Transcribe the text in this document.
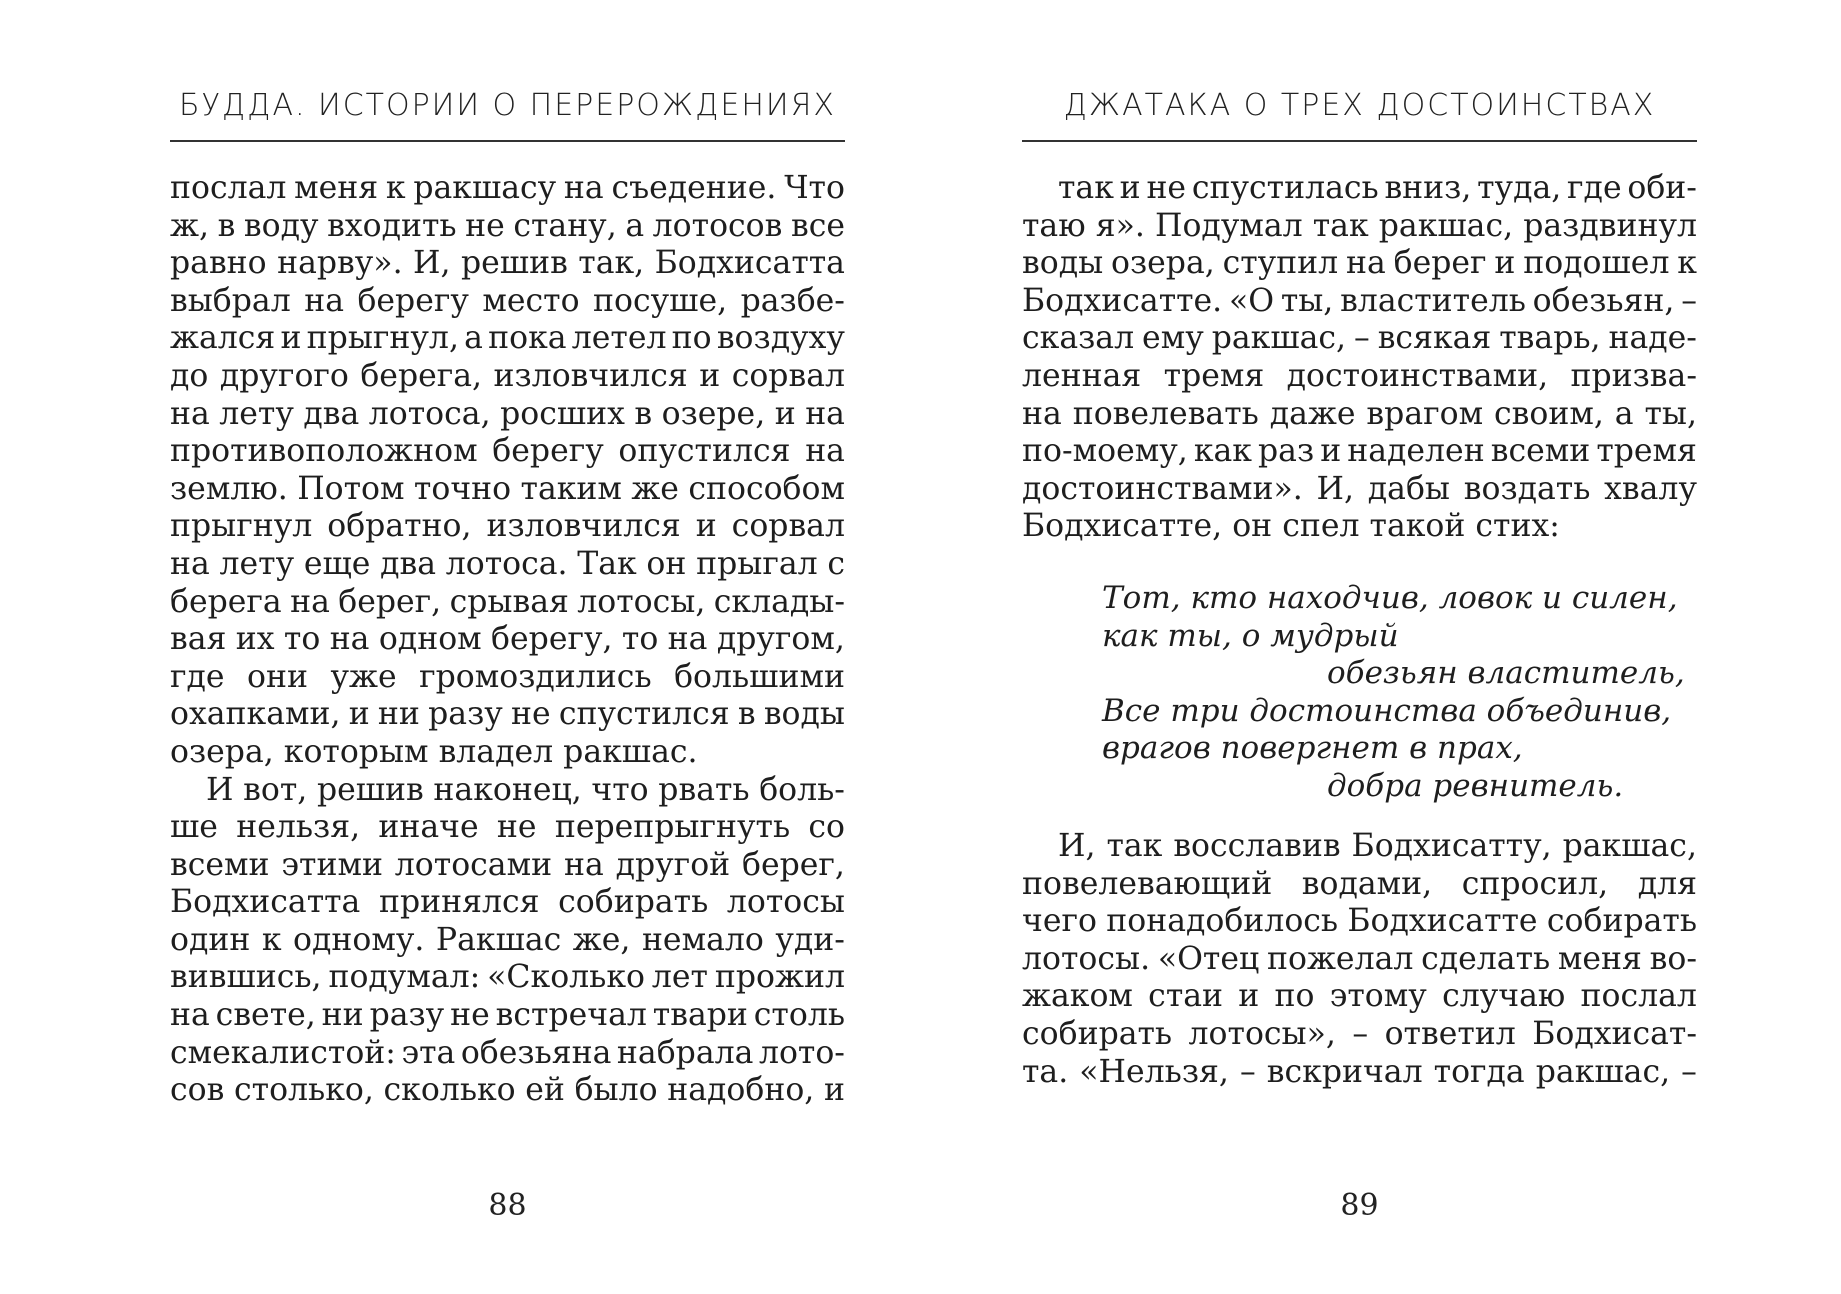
БУДДА. ИСТОРИИ О ПЕРЕРОЖДЕНИЯХ
послал меня к ракшасу на съедение. Что
ж, в воду входить не стану, а лотосов все
равно нарву». И, решив так, Бодхисатта
выбрал на берегу место посуше, разбе-
жался и прыгнул, а пока летел по воздуху
до другого берега, изловчился и сорвал
на лету два лотоса, росших в озере, и на
противоположном берегу опустился на
землю. Потом точно таким же способом
прыгнул обратно, изловчился и сорвал
на лету еще два лотоса. Так он прыгал с
берега на берег, срывая лотосы, склады-
вая их то на одном берегу, то на другом,
где они уже громоздились большими
охапками, и ни разу не спустился в воды
озера, которым владел ракшас.
И вот, решив наконец, что рвать боль-
ше нельзя, иначе не перепрыгнуть со
всеми этими лотосами на другой берег,
Бодхисатта принялся собирать лотосы
один к одному. Ракшас же, немало уди-
вившись, подумал: «Сколько лет прожил
на свете, ни разу не встречал твари столь
смекалистой: эта обезьяна набрала лото-
сов столько, сколько ей было надобно, и
88
ДЖАТАКА О ТРЕХ ДОСТОИНСТВАХ
так и не спустилась вниз, туда, где оби-
таю я». Подумал так ракшас, раздвинул
воды озера, ступил на берег и подошел к
Бодхисатте. «О ты, властитель обезьян, –
сказал ему ракшас, – всякая тварь, наде-
ленная тремя достоинствами, призва-
на повелевать даже врагом своим, а ты,
по-моему, как раз и наделен всеми тремя
достоинствами». И, дабы воздать хвалу
Бодхисатте, он спел такой стих:
Тот, кто находчив, ловок и силен,
как ты, о мудрый
обезьян властитель,
Все три достоинства объединив,
врагов повергнет в прах,
добра ревнитель.
И, так восславив Бодхисатту, ракшас,
повелевающий водами, спросил, для
чего понадобилось Бодхисатте собирать
лотосы. «Отец пожелал сделать меня во-
жаком стаи и по этому случаю послал
собирать лотосы», – ответил Бодхисат-
та. «Нельзя, – вскричал тогда ракшас, –
89
